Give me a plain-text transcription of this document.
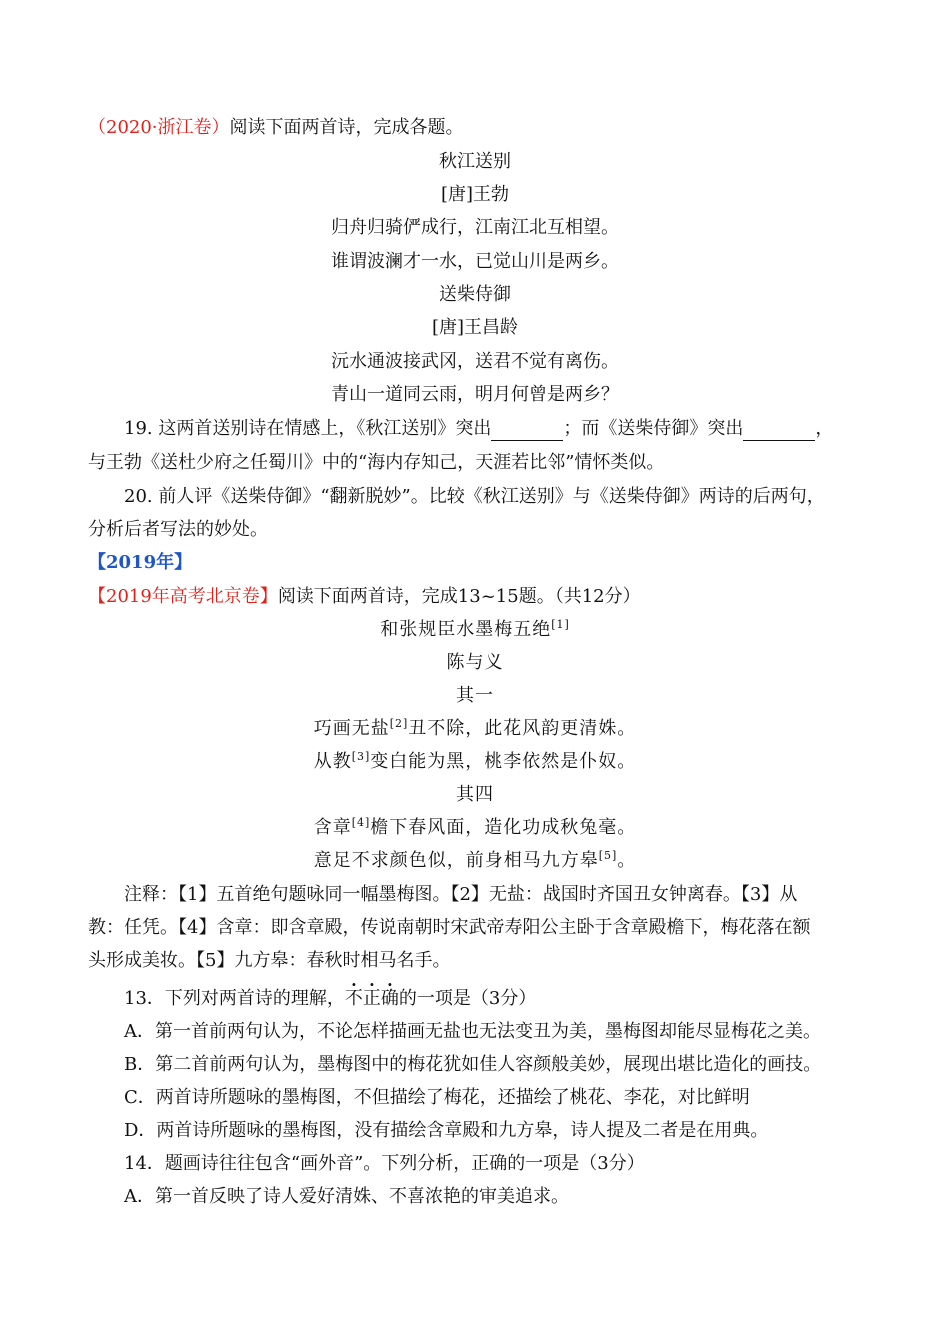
（2020·浙江卷）阅读下面两首诗，完成各题。
秋江送别
[唐]王勃
归舟归骑俨成行，江南江北互相望。
谁谓波澜才一水，已觉山川是两乡。
送柴侍御
[唐]王昌龄
沅水通波接武冈，送君不觉有离伤。
青山一道同云雨，明月何曾是两乡？
19. 这两首送别诗在情感上，《秋江送别》突出	；而《送柴侍御》突出	，
与王勃《送杜少府之任蜀川》中的“海内存知己，天涯若比邻”情怀类似。
20. 前人评《送柴侍御》“翻新脱妙”。比较《秋江送别》与《送柴侍御》两诗的后两句，
分析后者写法的妙处。
【2019年】
【2019年高考北京卷】阅读下面两首诗，完成13~15题。（共12分）
和张规臣水墨梅五绝[1]
陈与义
其一
巧画无盐[2]丑不除，此花风韵更清姝。
从教[3]变白能为黑，桃李依然是仆奴。
其四
含章[4]檐下春风面，造化功成秋兔毫。
意足不求颜色似，前身相马九方皋[5]。
注释：【1】五首绝句题咏同一幅墨梅图。【2】无盐：战国时齐国丑女钟离春。【3】从
教：任凭。【4】含章：即含章殿，传说南朝时宋武帝寿阳公主卧于含章殿檐下，梅花落在额
头形成美妆。【5】九方皋：春秋时相马名手。
13．下列对两首诗的理解，不正确的一项是（3分）
A．第一首前两句认为，不论怎样描画无盐也无法变丑为美，墨梅图却能尽显梅花之美。
B．第二首前两句认为，墨梅图中的梅花犹如佳人容颜般美妙，展现出堪比造化的画技。
C．两首诗所题咏的墨梅图，不但描绘了梅花，还描绘了桃花、李花，对比鲜明
D．两首诗所题咏的墨梅图，没有描绘含章殿和九方皋，诗人提及二者是在用典。
14．题画诗往往包含“画外音”。下列分析，正确的一项是（3分）
A．第一首反映了诗人爱好清姝、不喜浓艳的审美追求。
